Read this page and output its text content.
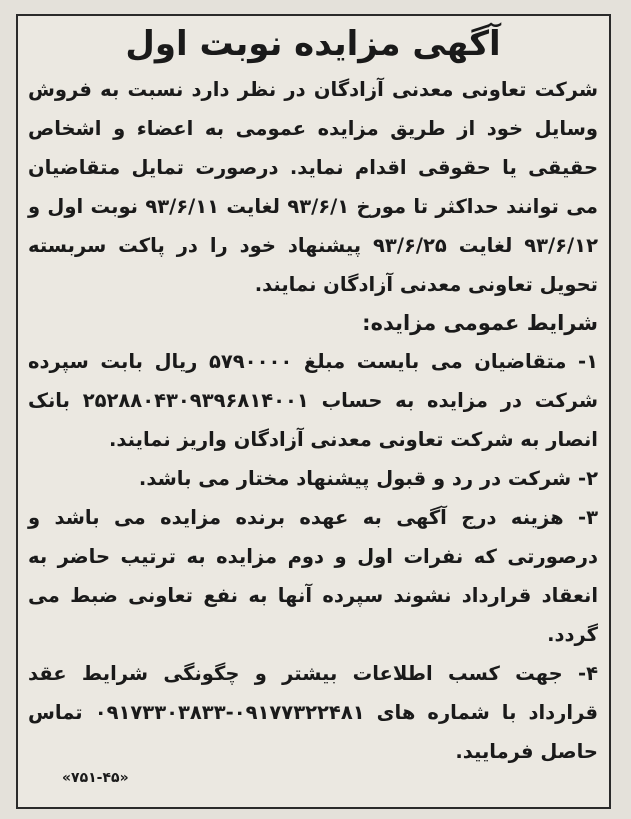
آگهی مزایده نوبت اول

شرکت تعاونی معدنی آزادگان در نظر دارد نسبت به فروش وسایل خود از طریق مزایده عمومی به اعضاء و اشخاص حقیقی یا حقوقی اقدام نماید. درصورت تمایل متقاضیان می توانند حداکثر تا مورخ ۹۳/۶/۱ لغایت ۹۳/۶/۱۱ نوبت اول و ۹۳/۶/۱۲ لغایت ۹۳/۶/۲۵ پیشنهاد خود را در پاکت سربسته تحویل تعاونی معدنی آزادگان نمایند.

شرایط عمومی مزایده:

۱- متقاضیان می بایست مبلغ ۵۷۹۰۰۰۰ ریال بابت سپرده شرکت در مزایده به حساب ۲۵۲۸۸۰۴۳۰۹۳۹۶۸۱۴۰۰۱ بانک انصار به شرکت تعاونی معدنی آزادگان واریز نمایند.

۲- شرکت در رد و قبول پیشنهاد مختار می باشد.

۳- هزینه درج آگهی به عهده برنده مزایده می باشد و درصورتی که نفرات اول و دوم مزایده به ترتیب حاضر به انعقاد قرارداد نشوند سپرده آنها به نفع تعاونی ضبط می گردد.

۴- جهت کسب اطلاعات بیشتر و چگونگی شرایط عقد قرارداد با شماره های ۰۹۱۷۷۳۲۲۴۸۱-۰۹۱۷۳۳۰۳۸۳۳ تماس حاصل فرمایید.

«۷۵۱-۴۵»
